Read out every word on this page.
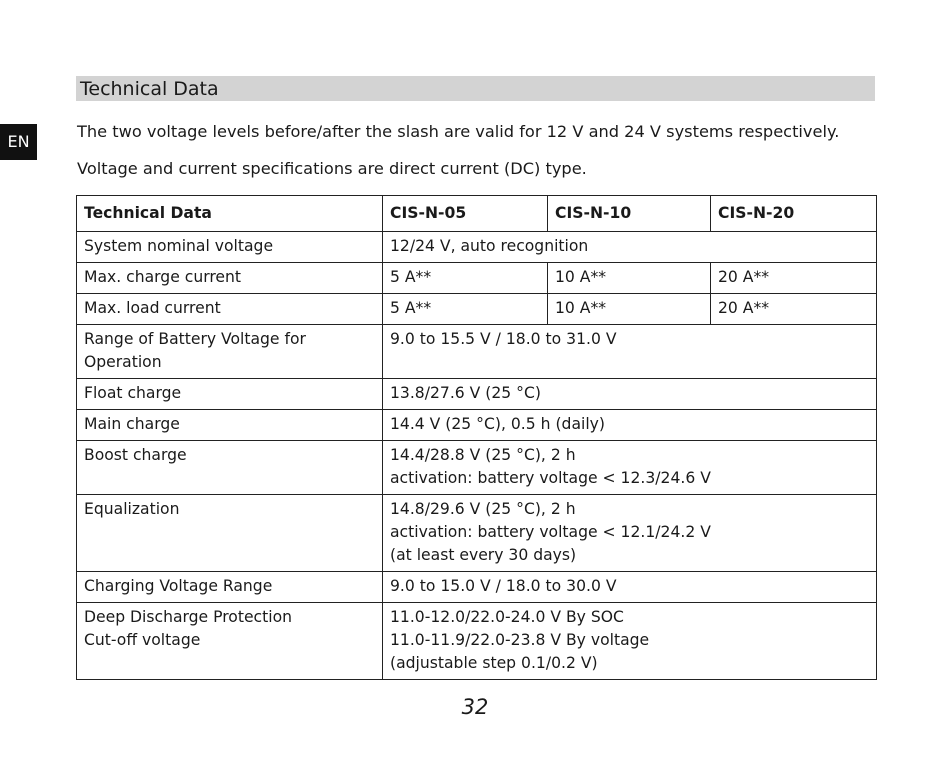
EN
Technical Data
The two voltage levels before/after the slash are valid for 12 V and 24 V systems respectively.
Voltage and current specifications are direct current (DC) type.
Technical Data	CIS-N-05	CIS-N-10	CIS-N-20
System nominal voltage	12/24 V, auto recognition		
Max. charge current	5 A**	10 A**	20 A**
Max. load current	5 A**	10 A**	20 A**
Range of Battery Voltage for
Operation	9.0 to 15.5 V / 18.0 to 31.0 V		
Float charge	13.8/27.6 V (25 °C)		
Main charge	14.4 V (25 °C), 0.5 h (daily)		
Boost charge	14.4/28.8 V (25 °C), 2 h
activation: battery voltage < 12.3/24.6 V		
Equalization	14.8/29.6 V (25 °C), 2 h
activation: battery voltage < 12.1/24.2 V
(at least every 30 days)		
Charging Voltage Range	9.0 to 15.0 V / 18.0 to 30.0 V		
Deep Discharge Protection
Cut-off voltage	11.0-12.0/22.0-24.0 V By SOC
11.0-11.9/22.0-23.8 V By voltage
(adjustable step 0.1/0.2 V)		
32
